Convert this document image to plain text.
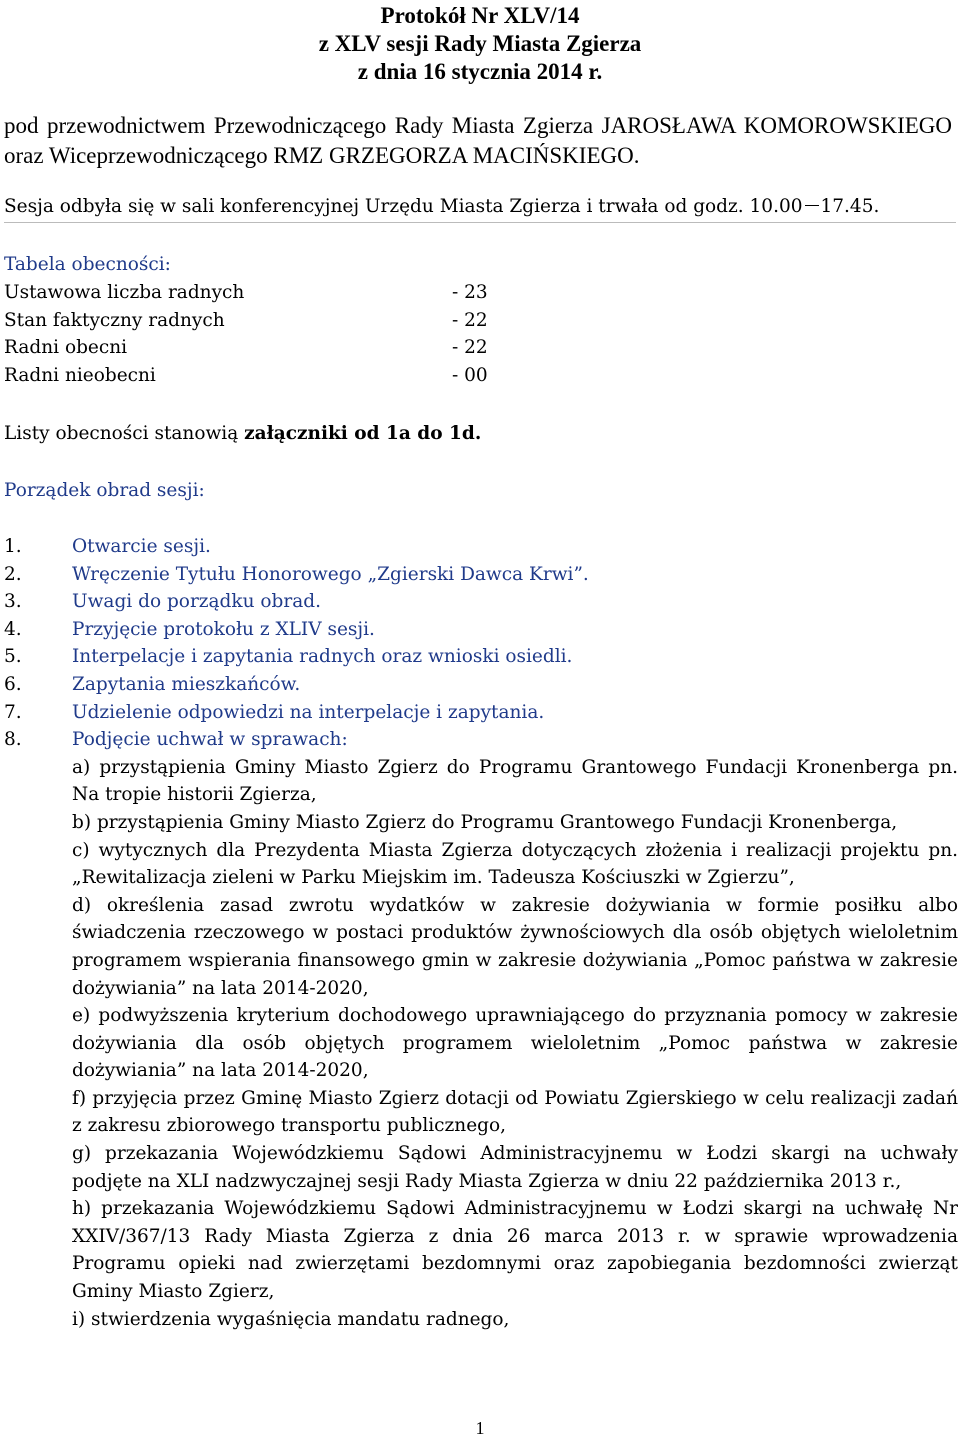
Protokół Nr XLV/14
z XLV sesji Rady Miasta Zgierza
z dnia 16 stycznia 2014 r.
pod przewodnictwem Przewodniczącego Rady Miasta Zgierza JAROSŁAWA KOMOROWSKIEGO oraz Wiceprzewodniczącego RMZ GRZEGORZA MACIŃSKIEGO.
Sesja odbyła się w sali konferencyjnej Urzędu Miasta Zgierza i trwała od godz. 10.00 17.45.
Tabela obecności:
Ustawowa liczba radnych	- 23
Stan faktyczny radnych	- 22
Radni obecni	- 22
Radni nieobecni	- 00
Listy obecności stanowią załączniki od 1a do 1d.
Porządek obrad sesji:
1.	Otwarcie sesji.
2.	Wręczenie Tytułu Honorowego „Zgierski Dawca Krwi”.
3.	Uwagi do porządku obrad.
4.	Przyjęcie protokołu z XLIV sesji.
5.	Interpelacje i zapytania radnych oraz wnioski osiedli.
6.	Zapytania mieszkańców.
7.	Udzielenie odpowiedzi na interpelacje i zapytania.
8.	Podjęcie uchwał w sprawach:

a) przystąpienia Gminy Miasto Zgierz do Programu Grantowego Fundacji Kronenberga pn. Na tropie historii Zgierza,

b) przystąpienia Gminy Miasto Zgierz do Programu Grantowego Fundacji Kronenberga,

c) wytycznych dla Prezydenta Miasta Zgierza dotyczących złożenia i realizacji projektu pn. „Rewitalizacja zieleni w Parku Miejskim im. Tadeusza Kościuszki w Zgierzu”,

d) określenia zasad zwrotu wydatków w zakresie dożywiania w formie posiłku albo świadczenia rzeczowego w postaci produktów żywnościowych dla osób objętych wieloletnim programem wspierania finansowego gmin w zakresie dożywiania „Pomoc państwa w zakresie dożywiania” na lata 2014-2020,

e) podwyższenia kryterium dochodowego uprawniającego do przyznania pomocy w zakresie dożywiania dla osób objętych programem wieloletnim „Pomoc państwa w zakresie dożywiania” na lata 2014-2020,

f) przyjęcia przez Gminę Miasto Zgierz dotacji od Powiatu Zgierskiego w celu realizacji zadań z zakresu zbiorowego transportu publicznego,

g) przekazania Wojewódzkiemu Sądowi Administracyjnemu w Łodzi skargi na uchwały podjęte na XLI nadzwyczajnej sesji Rady Miasta Zgierza w dniu 22 października 2013 r.,

h) przekazania Wojewódzkiemu Sądowi Administracyjnemu w Łodzi skargi na uchwałę Nr XXIV/367/13 Rady Miasta Zgierza z dnia 26 marca 2013 r. w sprawie wprowadzenia Programu opieki nad zwierzętami bezdomnymi oraz zapobiegania bezdomności zwierząt Gminy Miasto Zgierz,

i) stwierdzenia wygaśnięcia mandatu radnego,

1
